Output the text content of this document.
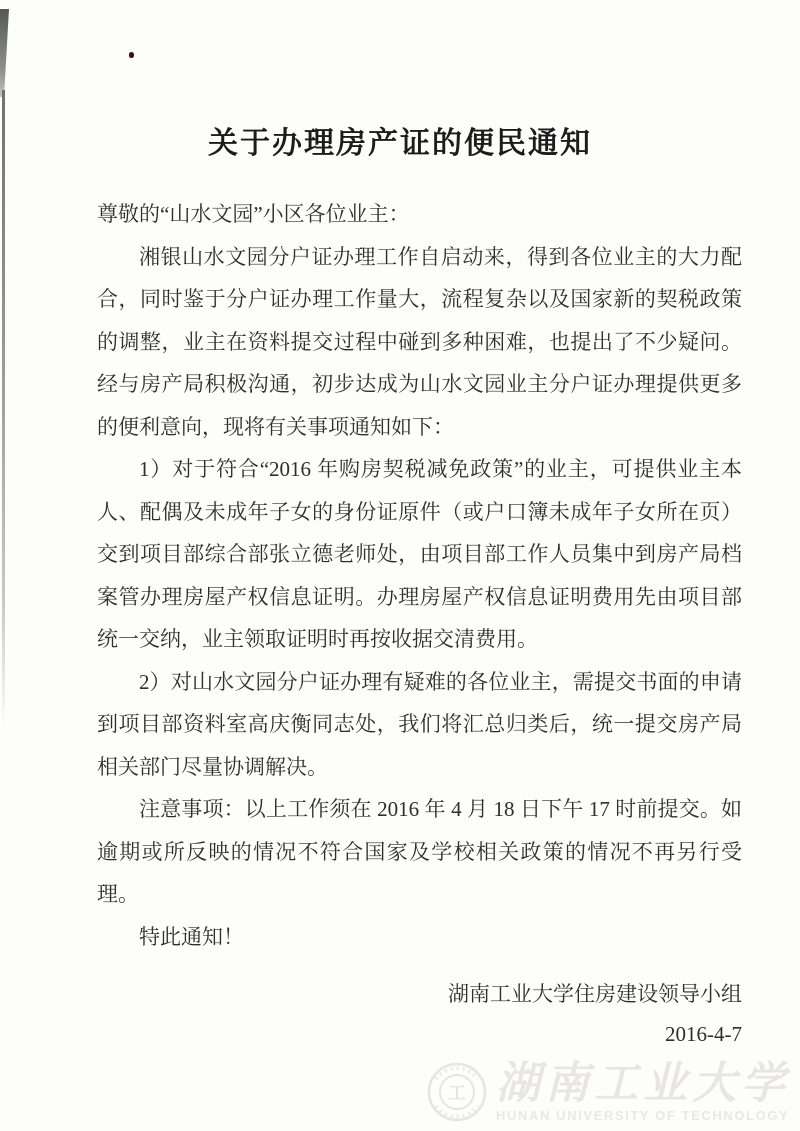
关于办理房产证的便民通知

尊敬的“山水文园”小区各位业主：

湘银山水文园分户证办理工作自启动来，得到各位业主的大力配合，同时鉴于分户证办理工作量大，流程复杂以及国家新的契税政策的调整，业主在资料提交过程中碰到多种困难，也提出了不少疑问。经与房产局积极沟通，初步达成为山水文园业主分户证办理提供更多的便利意向，现将有关事项通知如下：

1）对于符合“2016 年购房契税减免政策”的业主，可提供业主本人、配偶及未成年子女的身份证原件（或户口簿未成年子女所在页）交到项目部综合部张立德老师处，由项目部工作人员集中到房产局档案管办理房屋产权信息证明。办理房屋产权信息证明费用先由项目部统一交纳，业主领取证明时再按收据交清费用。

2）对山水文园分户证办理有疑难的各位业主，需提交书面的申请到项目部资料室高庆衡同志处，我们将汇总归类后，统一提交房产局相关部门尽量协调解决。

注意事项：以上工作须在 2016 年 4 月 18 日下午 17 时前提交。如逾期或所反映的情况不符合国家及学校相关政策的情况不再另行受理。

特此通知！

湖南工业大学住房建设领导小组
2016-4-7
工 湖南工业大学
HUNAN UNIVERSITY OF TECHNOLOGY
